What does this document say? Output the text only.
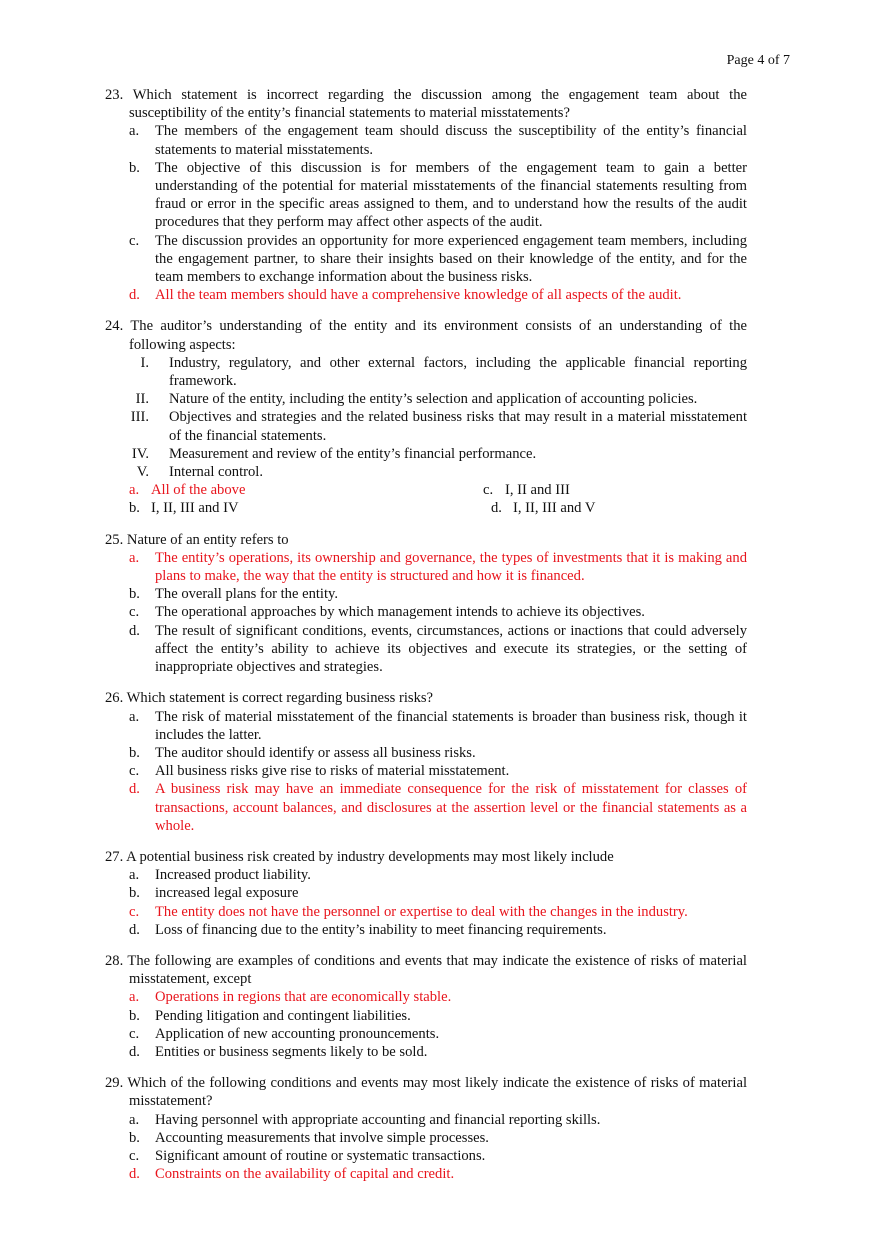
Page 4 of 7
23. Which statement is incorrect regarding the discussion among the engagement team about the susceptibility of the entity’s financial statements to material misstatements?
a. The members of the engagement team should discuss the susceptibility of the entity’s financial statements to material misstatements.
b. The objective of this discussion is for members of the engagement team to gain a better understanding of the potential for material misstatements of the financial statements resulting from fraud or error in the specific areas assigned to them, and to understand how the results of the audit procedures that they perform may affect other aspects of the audit.
c. The discussion provides an opportunity for more experienced engagement team members, including the engagement partner, to share their insights based on their knowledge of the entity, and for the team members to exchange information about the business risks.
d. All the team members should have a comprehensive knowledge of all aspects of the audit.
24. The auditor’s understanding of the entity and its environment consists of an understanding of the following aspects:
I. Industry, regulatory, and other external factors, including the applicable financial reporting framework.
II. Nature of the entity, including the entity’s selection and application of accounting policies.
III. Objectives and strategies and the related business risks that may result in a material misstatement of the financial statements.
IV. Measurement and review of the entity’s financial performance.
V. Internal control.
a. All of the above	c. I, II and III
b. I, II, III and IV	d. I, II, III and V
25. Nature of an entity refers to
a. The entity’s operations, its ownership and governance, the types of investments that it is making and plans to make, the way that the entity is structured and how it is financed.
b. The overall plans for the entity.
c. The operational approaches by which management intends to achieve its objectives.
d. The result of significant conditions, events, circumstances, actions or inactions that could adversely affect the entity’s ability to achieve its objectives and execute its strategies, or the setting of inappropriate objectives and strategies.
26. Which statement is correct regarding business risks?
a. The risk of material misstatement of the financial statements is broader than business risk, though it includes the latter.
b. The auditor should identify or assess all business risks.
c. All business risks give rise to risks of material misstatement.
d. A business risk may have an immediate consequence for the risk of misstatement for classes of transactions, account balances, and disclosures at the assertion level or the financial statements as a whole.
27. A potential business risk created by industry developments may most likely include
a. Increased product liability.
b. increased legal exposure
c. The entity does not have the personnel or expertise to deal with the changes in the industry.
d. Loss of financing due to the entity’s inability to meet financing requirements.
28. The following are examples of conditions and events that may indicate the existence of risks of material misstatement, except
a. Operations in regions that are economically stable.
b. Pending litigation and contingent liabilities.
c. Application of new accounting pronouncements.
d. Entities or business segments likely to be sold.
29. Which of the following conditions and events may most likely indicate the existence of risks of material misstatement?
a. Having personnel with appropriate accounting and financial reporting skills.
b. Accounting measurements that involve simple processes.
c. Significant amount of routine or systematic transactions.
d. Constraints on the availability of capital and credit.
